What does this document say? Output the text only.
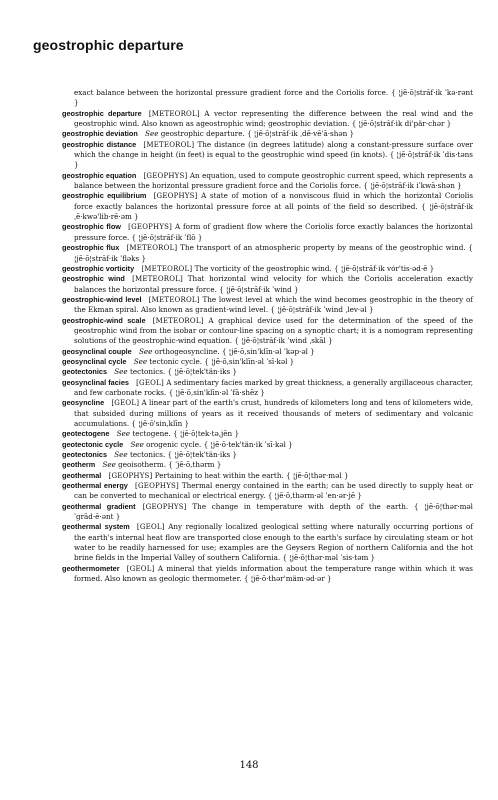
geostrophic departure

exact balance between the horizontal pressure gradient force and the Coriolis force. { ¦jē·ō¦străf·ik ˈkə·rənt }

geostrophic departure  [METEOROL] A vector representing the difference between the real wind and the geostrophic wind. Also known as ageostrophic wind; geostrophic deviation. { ¦jē·ō¦străf·ik di'pär·chər }

geostrophic deviation  See geostrophic departure. { ¦jē·ō¦străf·ik ˌdē·vē'ā·shən }

geostrophic distance  [METEOROL] The distance (in degrees latitude) along a constant-pressure surface over which the change in height (in feet) is equal to the geostrophic wind speed (in knots). { ¦jē·ō¦străf·ik ˈdis·təns }

geostrophic equation  [GEOPHYS] An equation, used to compute geostrophic current speed, which represents a balance between the horizontal pressure gradient force and the Coriolis force. { ¦jē·ō¦străf·ik iˈkwā·shən }

geostrophic equilibrium  [GEOPHYS] A state of motion of a nonviscous fluid in which the horizontal Coriolis force exactly balances the horizontal pressure force at all points of the field so described. { ¦jē·ō¦străf·ik ˌē·kwə'lib·rē·əm }

geostrophic flow  [GEOPHYS] A form of gradient flow where the Coriolis force exactly balances the horizontal pressure force. { ¦jē·ō¦străf·ik ˈflō }

geostrophic flux  [METEOROL] The transport of an atmospheric property by means of the geostrophic wind. { ¦jē·ō¦străf·ik ˈfləks }

geostrophic vorticity  [METEOROL] The vorticity of the geostrophic wind. { ¦jē·ō¦străf·ik vȯr'tis·əd·ē }

geostrophic wind  [METEOROL] That horizontal wind velocity for which the Coriolis acceleration exactly balances the horizontal pressure force. { ¦jē·ō¦străf·ik ˈwind }

geostrophic-wind level  [METEOROL] The lowest level at which the wind becomes geostrophic in the theory of the Ekman spiral. Also known as gradient-wind level. { ¦jē·ō¦străf·ik ˈwind ˌlev·əl }

geostrophic-wind scale  [METEOROL] A graphical device used for the determination of the speed of the geostrophic wind from the isobar or contour-line spacing on a synoptic chart; it is a nomogram representing solutions of the geostrophic-wind equation. { ¦jē·ō¦străf·ik ˈwind ˌskāl }

geosynclinal couple  See orthogeosyncline. { ¦jē·ō,sin'klīn·əl ˈkəp·əl }

geosynclinal cycle  See tectonic cycle. { ¦jē·ō,sin'klīn·əl ˈsī·kəl }

geotectonics  See tectonics. { ¦jē·ō¦tek'tän·iks }

geosynclinal facies  [GEOL] A sedimentary facies marked by great thickness, a generally argillaceous character, and few carbonate rocks. { ¦jē·ō,sin'klīn·əl ˈfā·shēz }

geosyncline  [GEOL] A linear part of the earth's crust, hundreds of kilometers long and tens of kilometers wide, that subsided during millions of years as it received thousands of meters of sedimentary and volcanic accumulations. { ¦jē·ō'sin,klīn }

geotectogene  See tectogene. { ¦jē·ō¦tek·tə,jēn }

geotectonic cycle  See orogenic cycle. { ¦jē·ō·tek'tän·ik ˈsī·kəl }

geotectonics  See tectonics. { ¦jē·ō¦tek'tän·iks }

geotherm  See geoisotherm. { ˈjē·ō,thərm }

geothermal  [GEOPHYS] Pertaining to heat within the earth. { ¦jē·ō¦thər·məl }

geothermal energy  [GEOPHYS] Thermal energy contained in the earth; can be used directly to supply heat or can be converted to mechanical or electrical energy. { ¦jē·ō,thərm·əl ˈen·ər·jē }

geothermal gradient  [GEOPHYS] The change in temperature with depth of the earth. { ¦jē·ō¦thər·məl ˈgrād·ē·ənt }

geothermal system  [GEOL] Any regionally localized geological setting where naturally occurring portions of the earth's internal heat flow are transported close enough to the earth's surface by circulating steam or hot water to be readily harnessed for use; examples are the Geysers Region of northern California and the hot brine fields in the Imperial Valley of southern California. { ¦jē·ō¦thər·məl ˈsis·təm }

geothermometer  [GEOL] A mineral that yields information about the temperature range within which it was formed. Also known as geologic thermometer. { ¦jē·ō·thər'mäm·əd·ər }

148
